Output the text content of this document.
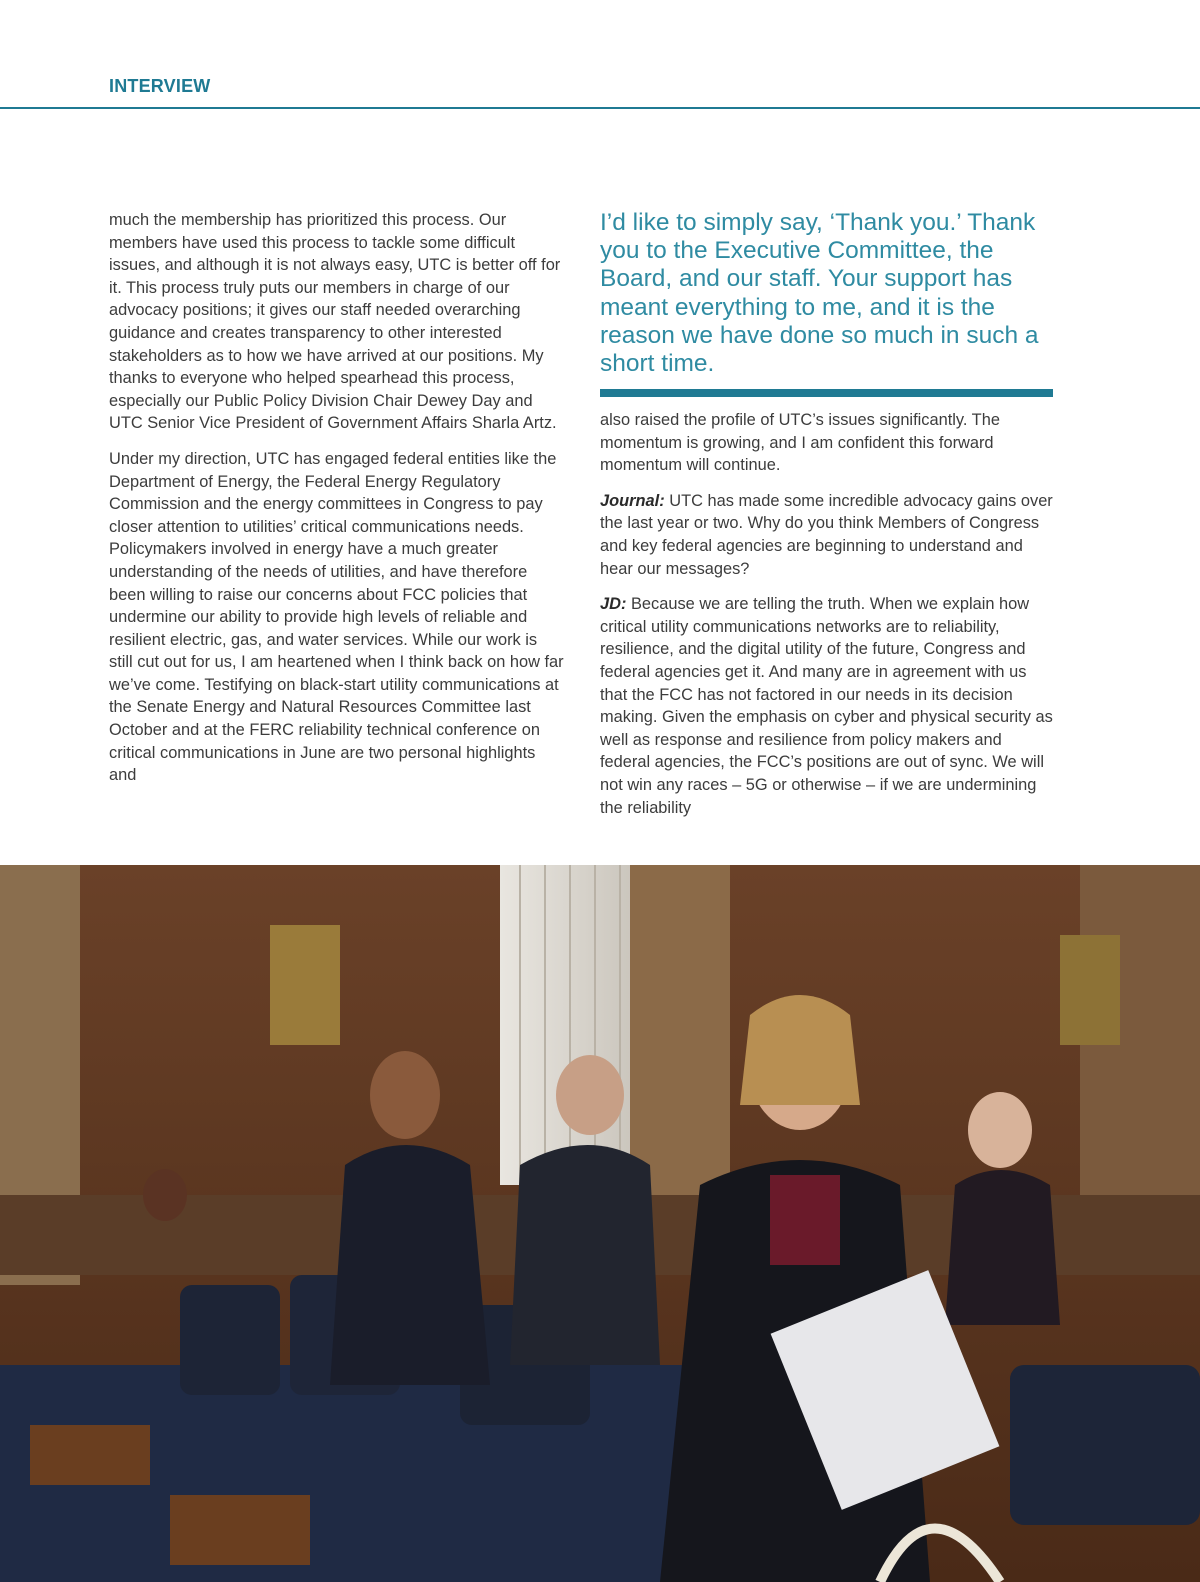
INTERVIEW

much the membership has prioritized this process. Our members have used this process to tackle some difficult issues, and although it is not always easy, UTC is better off for it. This process truly puts our members in charge of our advocacy positions; it gives our staff needed overarching guidance and creates transparency to other interested stakeholders as to how we have arrived at our positions. My thanks to everyone who helped spearhead this process, especially our Public Policy Division Chair Dewey Day and UTC Senior Vice President of Government Affairs Sharla Artz.

Under my direction, UTC has engaged federal entities like the Department of Energy, the Federal Energy Regulatory Commission and the energy committees in Congress to pay closer attention to utilities’ critical communications needs. Policymakers involved in energy have a much greater understanding of the needs of utilities, and have therefore been willing to raise our concerns about FCC policies that undermine our ability to provide high levels of reliable and resilient electric, gas, and water services. While our work is still cut out for us, I am heartened when I think back on how far we’ve come. Testifying on black-start utility communications at the Senate Energy and Natural Resources Committee last October and at the FERC reliability technical conference on critical communications in June are two personal highlights and

I’d like to simply say, ‘Thank you.’ Thank you to the Executive Committee, the Board, and our staff. Your support has meant everything to me, and it is the reason we have done so much in such a short time.

also raised the profile of UTC’s issues significantly. The momentum is growing, and I am confident this forward momentum will continue.

Journal: UTC has made some incredible advocacy gains over the last year or two. Why do you think Members of Congress and key federal agencies are beginning to understand and hear our messages?

JD: Because we are telling the truth. When we explain how critical utility communications networks are to reliability, resilience, and the digital utility of the future, Congress and federal agencies get it. And many are in agreement with us that the FCC has not factored in our needs in its decision making. Given the emphasis on cyber and physical security as well as response and resilience from policy makers and federal agencies, the FCC’s positions are out of sync. We will not win any races – 5G or otherwise – if we are undermining the reliability
